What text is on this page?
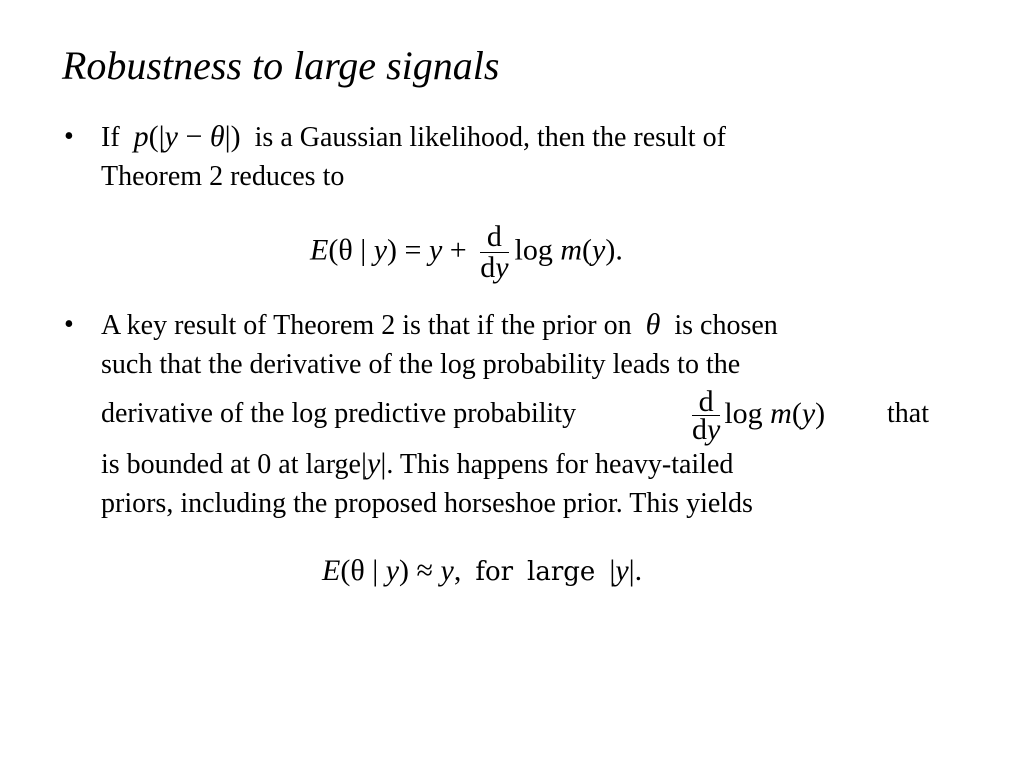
Robustness to large signals
• If p(|y − θ|) is a Gaussian likelihood, then the result of
Theorem 2 reduces to
E(θ | $y) = y + \frac{d}{dy}$ log m(y).
• A key result of Theorem 2 is that if the prior on θ is chosen
such that the derivative of the log probability leads to the
derivative of the log predictive probability	$\frac{d}{dy}$ log m(y) that
is bounded at 0 at large|y|. This happens for heavy-tailed
priors, including the proposed horseshoe prior. This yields
E(θ | y) ≈ y, for large |y|.
